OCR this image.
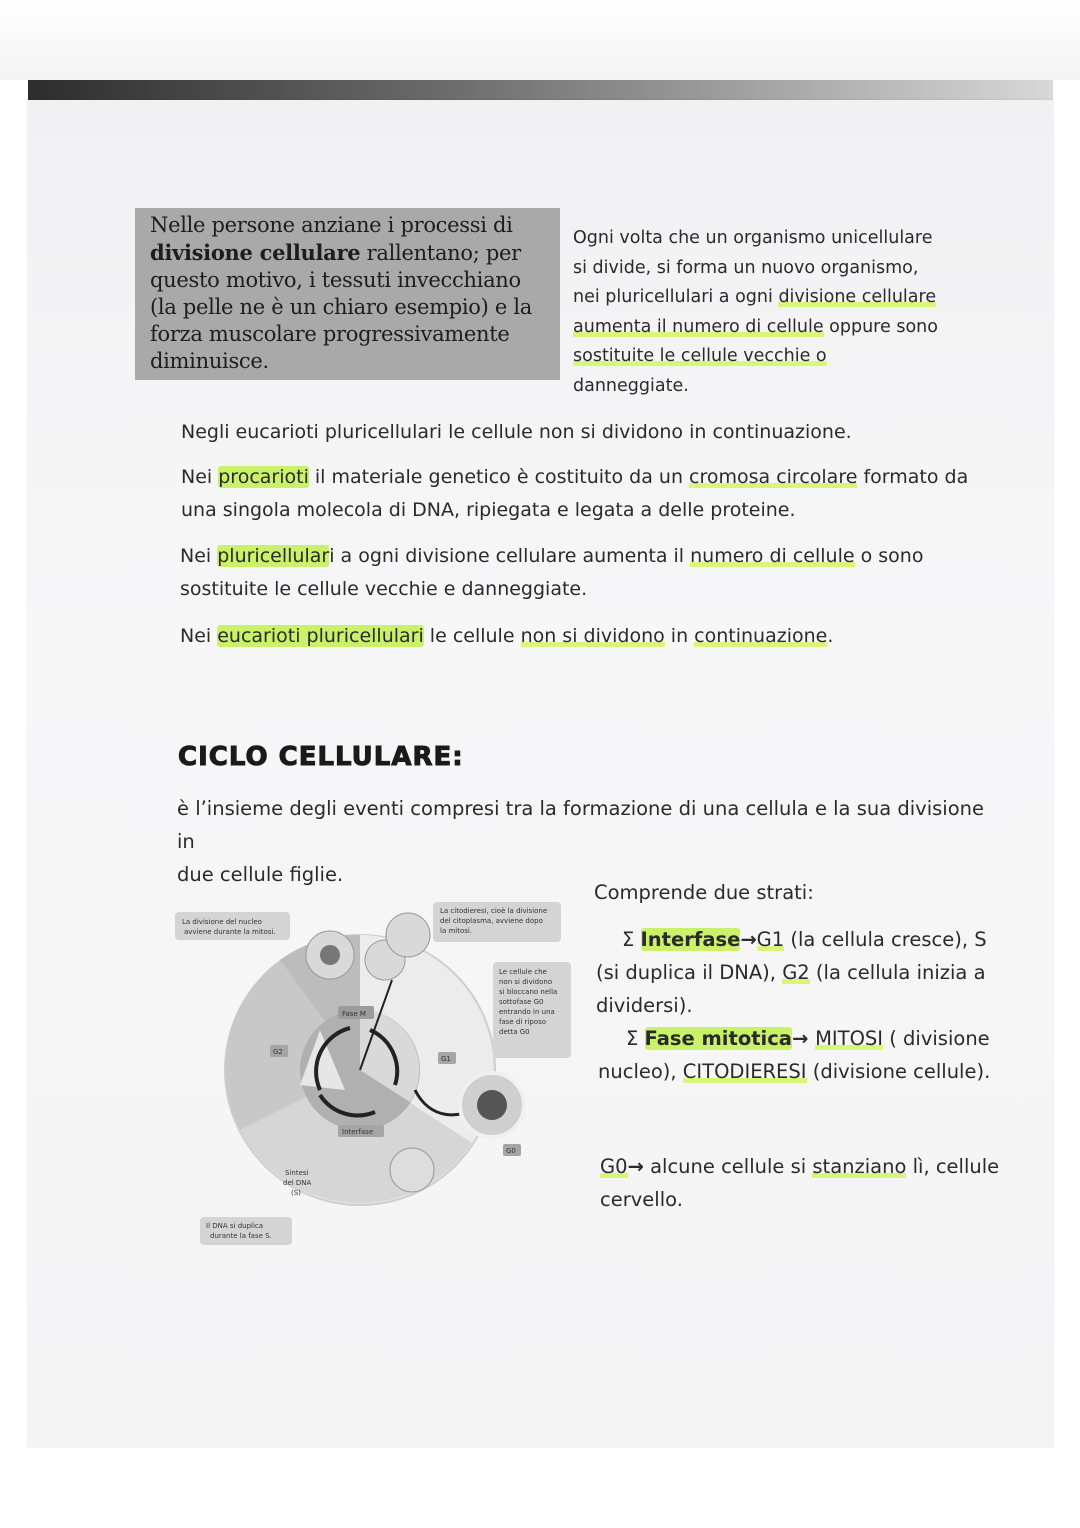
Nelle persone anziane i processi di
divisione cellulare rallentano; per
questo motivo, i tessuti invecchiano
(la pelle ne è un chiaro esempio) e la
forza muscolare progressivamente
diminuisce.
Ogni volta che un organismo unicellulare
si divide, si forma un nuovo organismo,
nei pluricellulari a ogni divisione cellulare
aumenta il numero di cellule oppure sono
sostituite le cellule vecchie o
danneggiate.
Negli eucarioti pluricellulari le cellule non si dividono in continuazione.
Nei procarioti il materiale genetico è costituito da un cromosa circolare formato da
una singola molecola di DNA, ripiegata e legata a delle proteine.
Nei pluricellulari a ogni divisione cellulare aumenta il numero di cellule o sono
sostituite le cellule vecchie e danneggiate.
Nei eucarioti pluricellulari le cellule non si dividono in continuazione.
CICLO CELLULARE:
è l’insieme degli eventi compresi tra la formazione di una cellula e la sua divisione in
due cellule figlie.
La divisione del nucleo
avviene durante la mitosi.
La citodieresi, cioè la divisione
del citoplasma, avviene dopo
la mitosi.
Le cellule che
non si dividono
si bloccano nella
sottofase G0
entrando in una
fase di riposo
detta G0
Fase M
G2
G1
G0
Interfase
Sintesi
del DNA
(S)
Il DNA si duplica
durante la fase S.
Comprende due strati:
Σ Interfase→G1 (la cellula cresce), S
(si duplica il DNA), G2 (la cellula inizia a
dividersi).
Σ Fase mitotica→ MITOSI ( divisione
nucleo), CITODIERESI (divisione cellule).
G0→ alcune cellule si stanziano lì, cellule
cervello.
